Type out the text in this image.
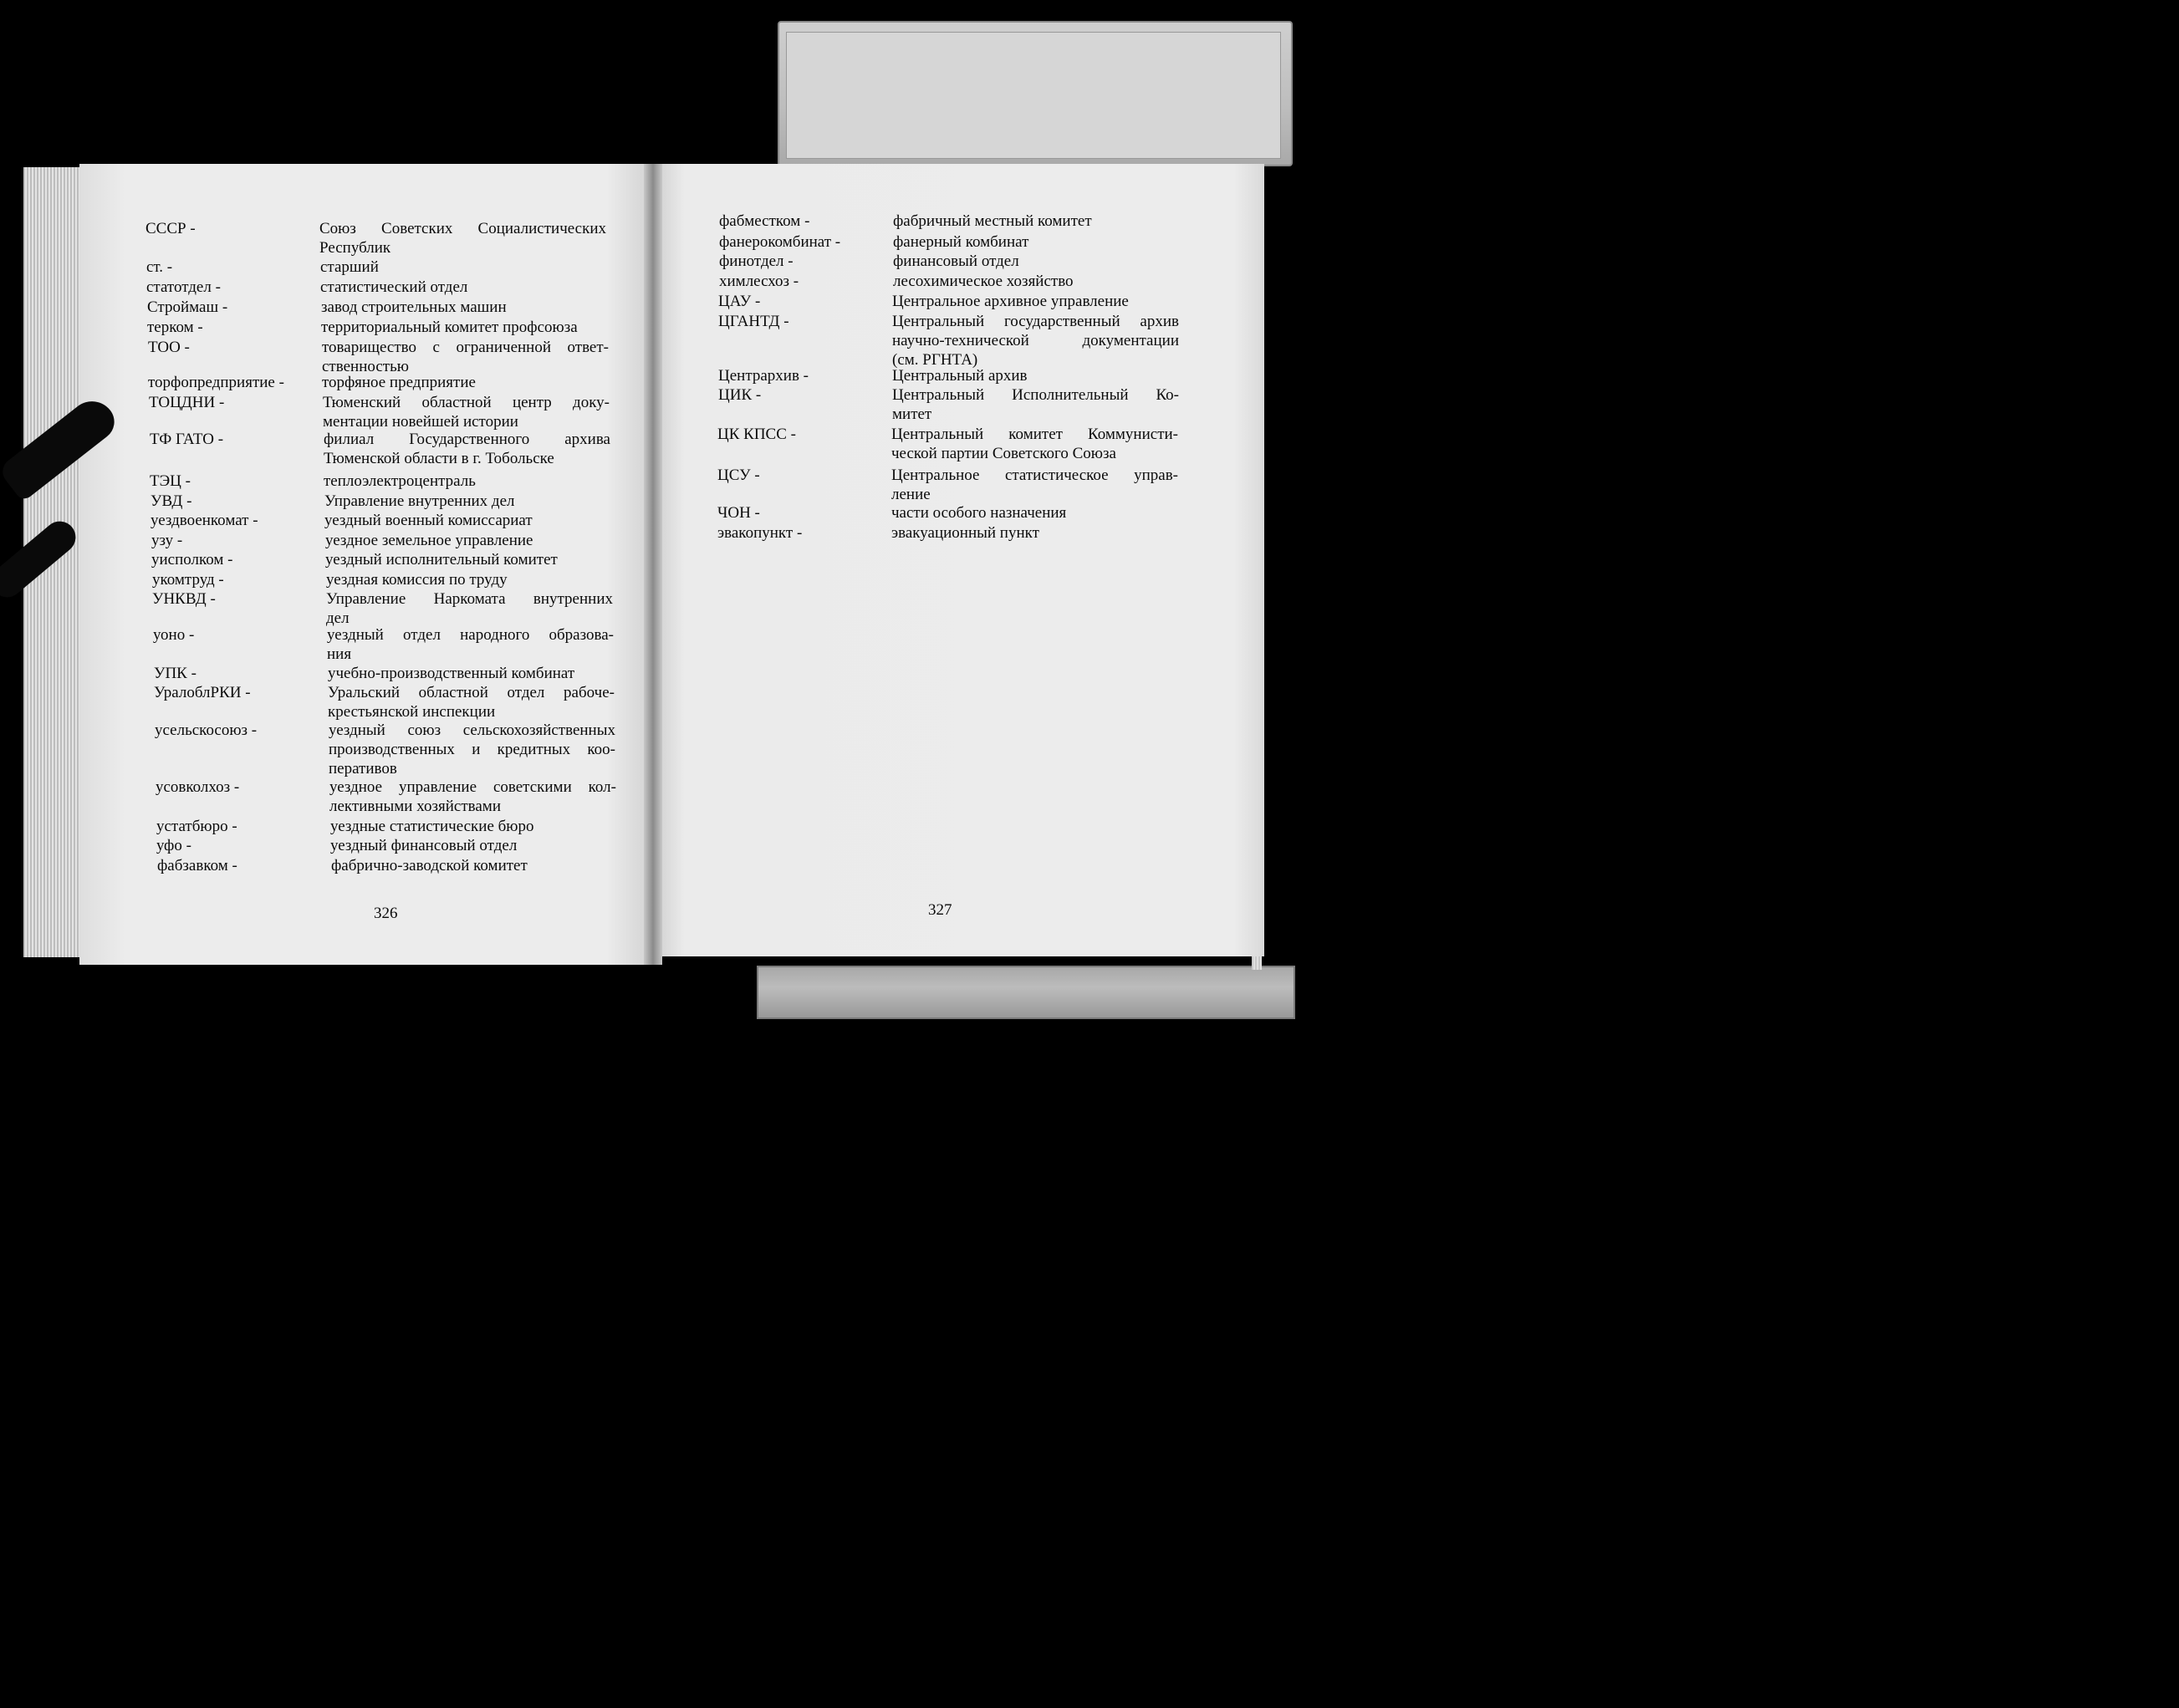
СССР -	Союз Советских Социалистических
Республик
ст. -	старший
статотдел -	статистический отдел
Строймаш -	завод строительных машин
терком -	территориальный комитет профсоюза
ТОО -	товарищество с ограниченной ответ-
ственностью
торфопредприятие - торфяное предприятие
ТОЦДНИ -	Тюменский областной центр доку-
ментации новейшей истории
ТФ ГАТО -	филиал Государственного архива
Тюменской области в г. Тобольске
ТЭЦ -	теплоэлектроцентраль
УВД -	Управление внутренних дел
уездвоенкомат -	уездный военный комиссариат
узу -	уездное земельное управление
уисполком -	уездный исполнительный комитет
укомтруд -	уездная комиссия по труду
УНКВД -	Управление Наркомата внутренних
дел
уоно -	уездный отдел народного образова-
ния
УПК -	учебно-производственный комбинат
УралоблРКИ -	Уральский областной отдел рабоче-
крестьянской инспекции
усельскосоюз -	уездный союз сельскохозяйственных
производственных и кредитных коо-
перативов
усовколхоз -	уездное управление советскими кол-
лективными хозяйствами
устатбюро -	уездные статистические бюро
уфо -	уездный финансовый отдел
фабзавком -	фабрично-заводской комитет
фабместком -	фабричный местный комитет
фанерокомбинат -	фанерный комбинат
финотдел -	финансовый отдел
химлесхоз -	лесохимическое хозяйство
ЦАУ -	Центральное архивное управление
ЦГАНТД -	Центральный государственный архив
научно-технической документации
(см. РГНТА)
Центрархив -	Центральный архив
ЦИК -	Центральный Исполнительный Ко-
митет
ЦК КПСС -	Центральный комитет Коммунисти-
ческой партии Советского Союза
ЦСУ -	Центральное статистическое управ-
ление
ЧОН -	части особого назначения
эвакопункт -	эвакуационный пункт
326	327
